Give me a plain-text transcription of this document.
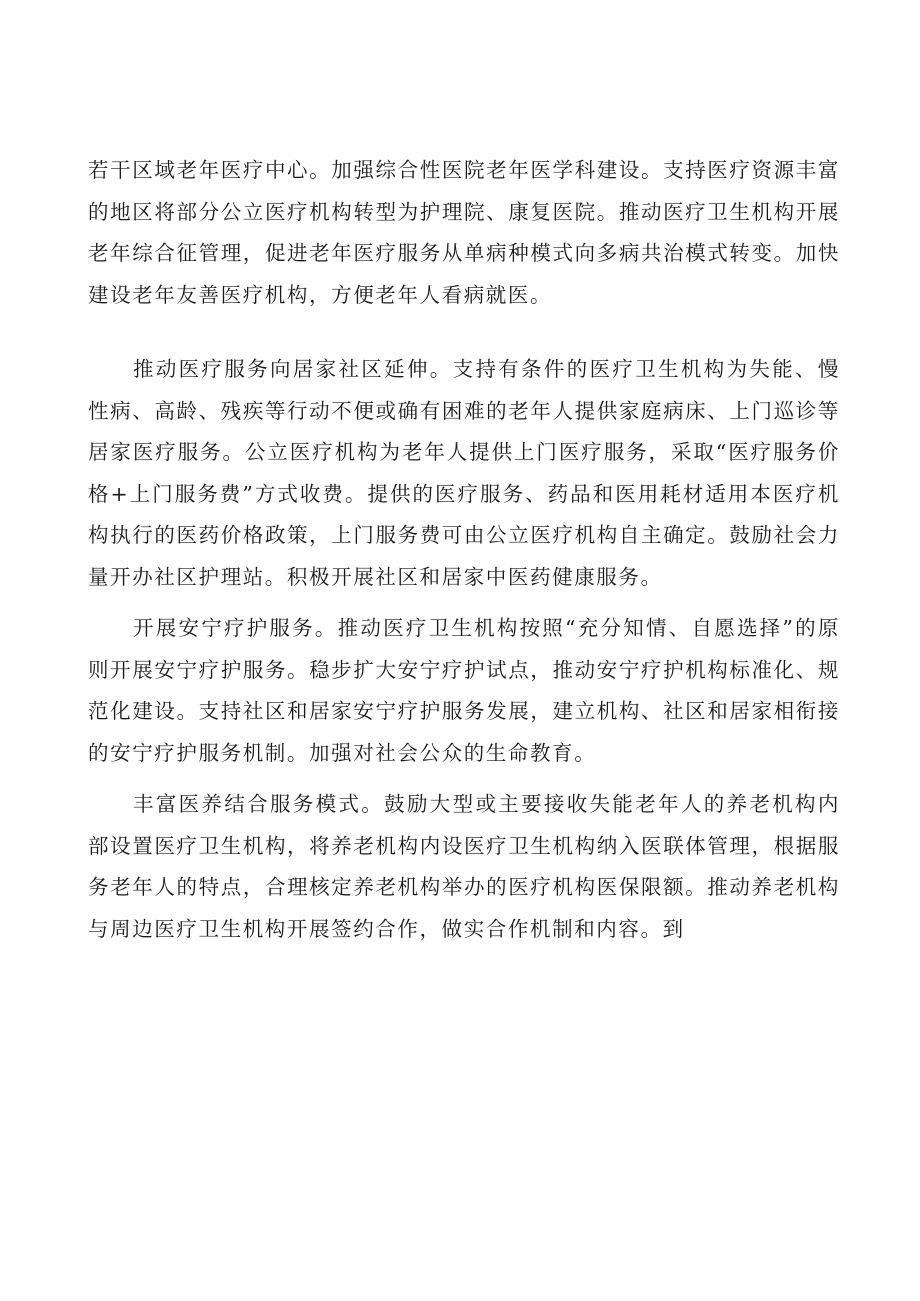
若干区域老年医疗中心。加强综合性医院老年医学科建设。支持医疗资源丰富的地区将部分公立医疗机构转型为护理院、康复医院。推动医疗卫生机构开展老年综合征管理，促进老年医疗服务从单病种模式向多病共治模式转变。加快建设老年友善医疗机构，方便老年人看病就医。

推动医疗服务向居家社区延伸。支持有条件的医疗卫生机构为失能、慢性病、高龄、残疾等行动不便或确有困难的老年人提供家庭病床、上门巡诊等居家医疗服务。公立医疗机构为老年人提供上门医疗服务，采取“医疗服务价格+上门服务费”方式收费。提供的医疗服务、药品和医用耗材适用本医疗机构执行的医药价格政策，上门服务费可由公立医疗机构自主确定。鼓励社会力量开办社区护理站。积极开展社区和居家中医药健康服务。

开展安宁疗护服务。推动医疗卫生机构按照“充分知情、自愿选择”的原则开展安宁疗护服务。稳步扩大安宁疗护试点，推动安宁疗护机构标准化、规范化建设。支持社区和居家安宁疗护服务发展，建立机构、社区和居家相衔接的安宁疗护服务机制。加强对社会公众的生命教育。

丰富医养结合服务模式。鼓励大型或主要接收失能老年人的养老机构内部设置医疗卫生机构，将养老机构内设医疗卫生机构纳入医联体管理，根据服务老年人的特点，合理核定养老机构举办的医疗机构医保限额。推动养老机构与周边医疗卫生机构开展签约合作，做实合作机制和内容。到
